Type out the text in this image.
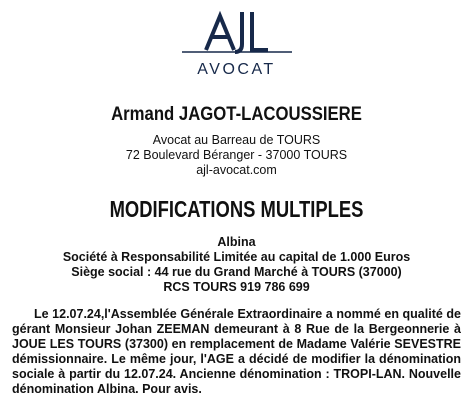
AVOCAT
Armand JAGOT-LACOUSSIERE
Avocat au Barreau de TOURS
72 Boulevard Béranger - 37000 TOURS
ajl-avocat.com
MODIFICATIONS MULTIPLES
Albina
Société à Responsabilité Limitée au capital de 1.000 Euros
Siège social : 44 rue du Grand Marché à TOURS (37000)
RCS TOURS 919 786 699

Le 12.07.24,l'Assemblée Générale Extraordinaire a nommé en qualité de gérant Monsieur Johan ZEEMAN demeurant à 8 Rue de la Bergeonnerie à JOUE LES TOURS (37300) en remplacement de Madame Valérie SEVESTRE démissionnaire. Le même jour, l'AGE a décidé de modifier la dénomination sociale à partir du 12.07.24. Ancienne dénomination : TROPI-LAN. Nouvelle dénomination Albina. Pour avis.
